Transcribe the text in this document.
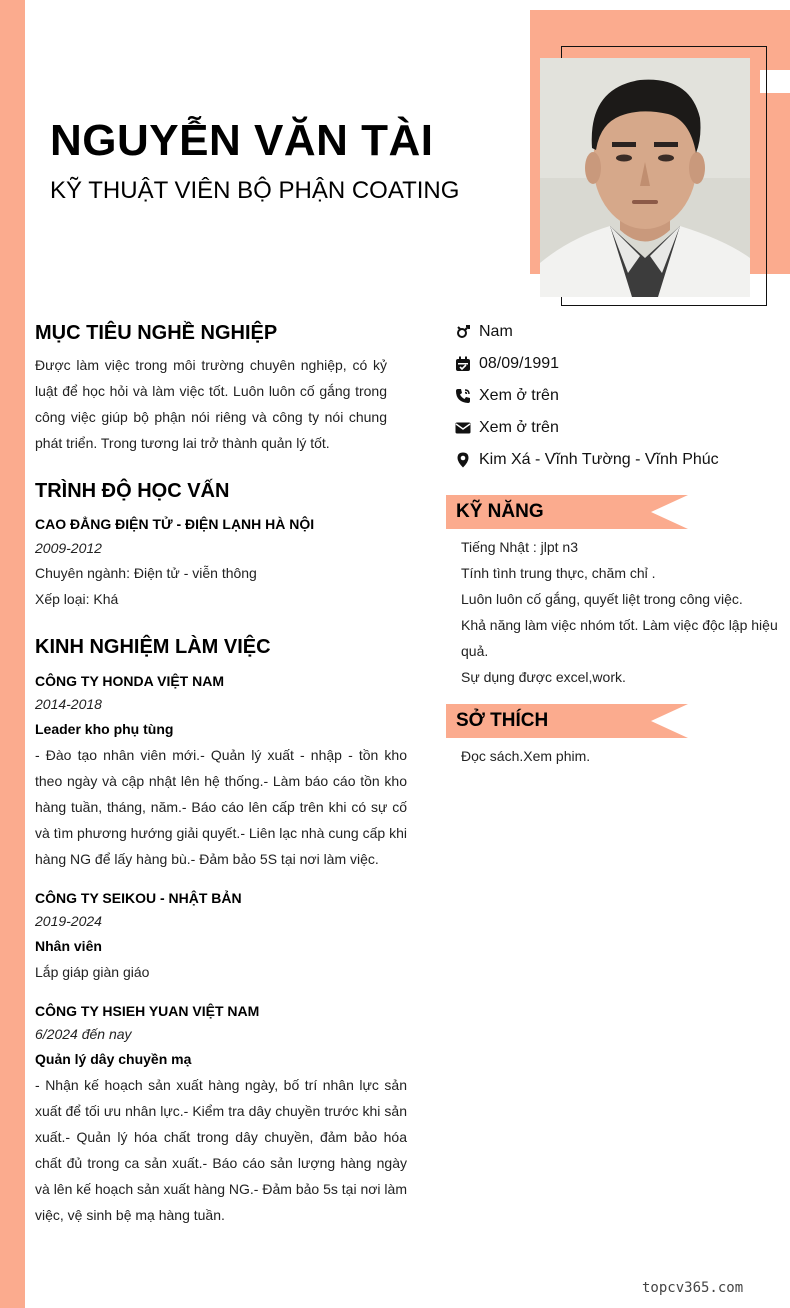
NGUYỄN VĂN TÀI
KỸ THUẬT VIÊN BỘ PHẬN COATING
MỤC TIÊU NGHỀ NGHIỆP
Được làm việc trong môi trường chuyên nghiệp, có kỷ luật để học hỏi và làm việc tốt. Luôn luôn cố gắng trong công việc giúp bộ phận nói riêng và công ty nói chung phát triển. Trong tương lai trở thành quản lý tốt.
TRÌNH ĐỘ HỌC VẤN
CAO ĐẲNG ĐIỆN TỬ - ĐIỆN LẠNH HÀ NỘI
2009-2012
Chuyên ngành: Điện tử - viễn thông
Xếp loại: Khá
KINH NGHIỆM LÀM VIỆC
CÔNG TY HONDA VIỆT NAM
2014-2018
Leader kho phụ tùng
- Đào tạo nhân viên mới.- Quản lý xuất - nhập - tồn kho theo ngày và cập nhật lên hệ thống.- Làm báo cáo tồn kho hàng tuần, tháng, năm.- Báo cáo lên cấp trên khi có sự cố và tìm phương hướng giải quyết.- Liên lạc nhà cung cấp khi hàng NG để lấy hàng bù.- Đảm bảo 5S tại nơi làm việc.
CÔNG TY SEIKOU - NHẬT BẢN
2019-2024
Nhân viên
Lắp giáp giàn giáo
CÔNG TY HSIEH YUAN VIỆT NAM
6/2024 đến nay
Quản lý dây chuyền mạ
- Nhận kế hoạch sản xuất hàng ngày, bố trí nhân lực sản xuất để tối ưu nhân lực.- Kiểm tra dây chuyền trước khi sản xuất.- Quản lý hóa chất trong dây chuyền, đảm bảo hóa chất đủ trong ca sản xuất.- Báo cáo sản lượng hàng ngày và lên kế hoạch sản xuất hàng NG.- Đảm bảo 5s tại nơi làm việc, vệ sinh bệ mạ hàng tuần.
Nam
08/09/1991
Xem ở trên
Xem ở trên
Kim Xá - Vĩnh Tường - Vĩnh Phúc
KỸ NĂNG
Tiếng Nhật : jlpt n3
Tính tình trung thực, chăm chỉ .
Luôn luôn cố gắng, quyết liệt trong công việc.
Khả năng làm việc nhóm tốt. Làm việc độc lập hiệu quả.
Sự dụng được excel,work.
SỞ THÍCH
Đọc sách.Xem phim.
topcv365.com
